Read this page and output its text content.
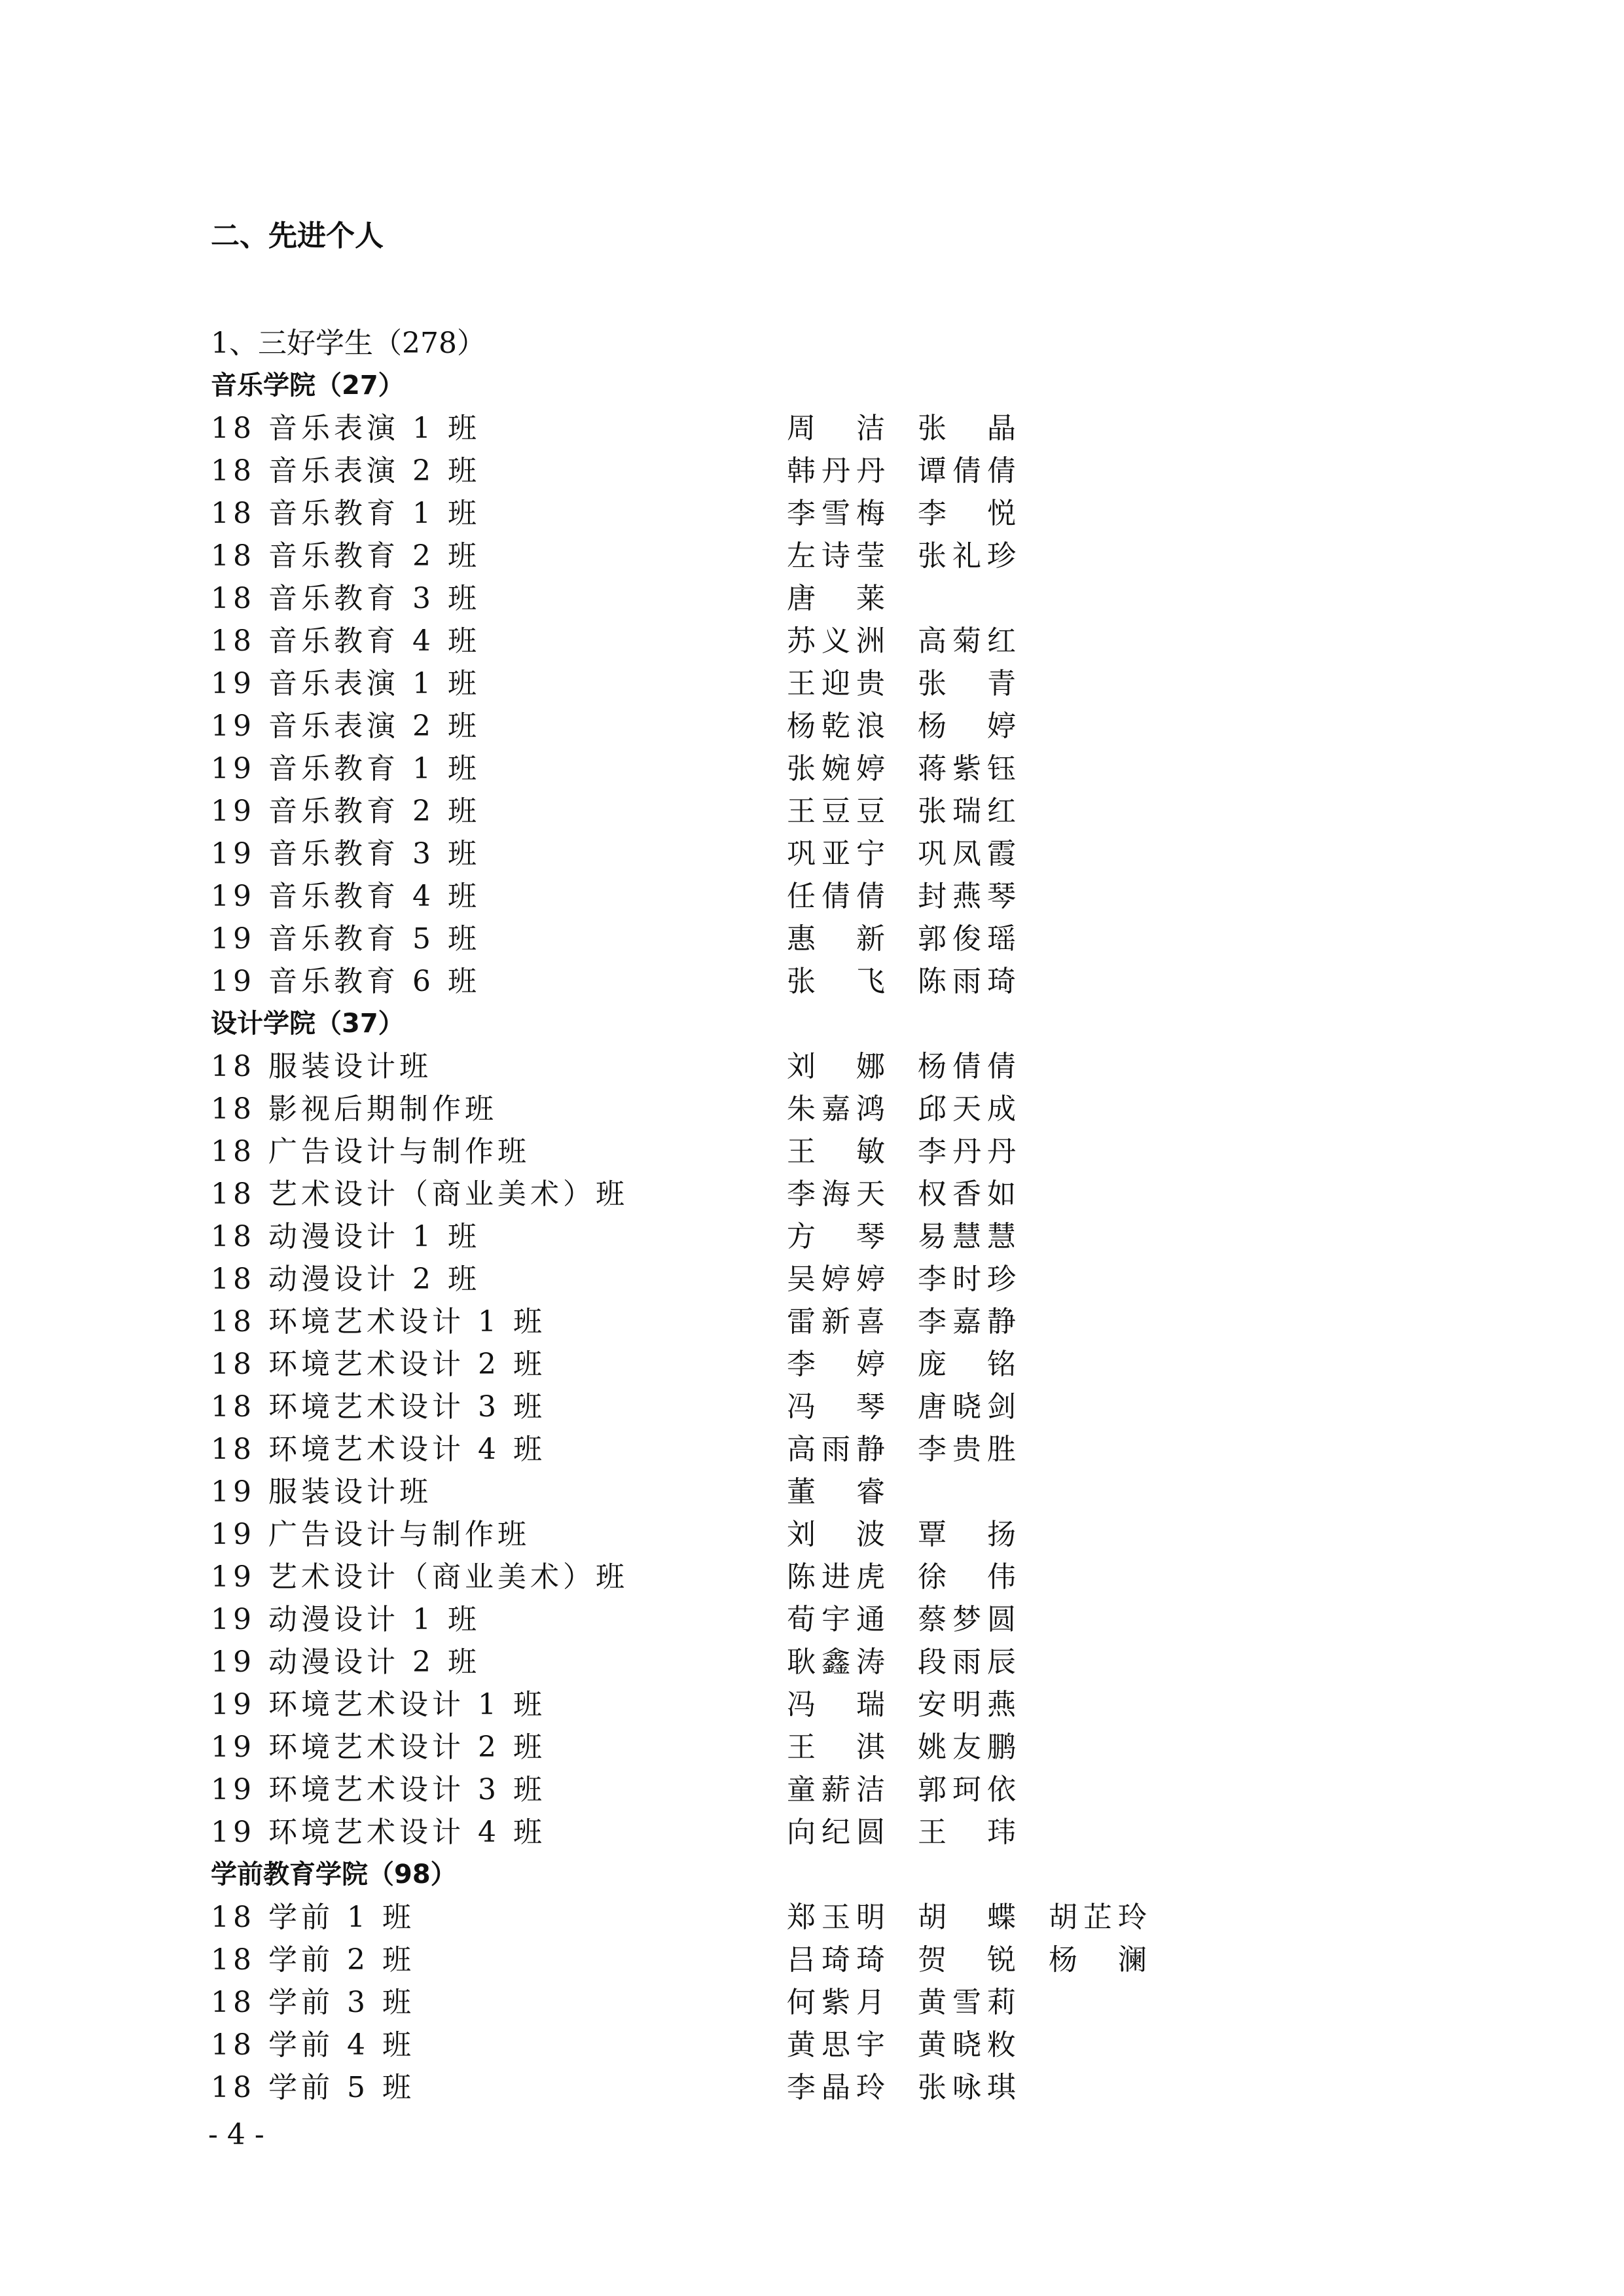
二、先进个人
1、三好学生（278）
音乐学院（27）
18 音乐表演 1 班	周 洁 张 晶
18 音乐表演 2 班	韩丹丹 谭倩倩
18 音乐教育 1 班	李雪梅 李 悦
18 音乐教育 2 班	左诗莹 张礼珍
18 音乐教育 3 班	唐 莱
18 音乐教育 4 班	苏义洲 高菊红
19 音乐表演 1 班	王迎贵 张 青
19 音乐表演 2 班	杨乾浪 杨 婷
19 音乐教育 1 班	张婉婷 蒋紫钰
19 音乐教育 2 班	王豆豆 张瑞红
19 音乐教育 3 班	巩亚宁 巩凤霞
19 音乐教育 4 班	任倩倩 封燕琴
19 音乐教育 5 班	惠 新 郭俊瑶
19 音乐教育 6 班	张 飞 陈雨琦
设计学院（37）
18 服装设计班	刘 娜 杨倩倩
18 影视后期制作班	朱嘉鸿 邱天成
18 广告设计与制作班	王 敏 李丹丹
18 艺术设计（商业美术）班	李海天 权香如
18 动漫设计 1 班	方 琴 易慧慧
18 动漫设计 2 班	吴婷婷 李时珍
18 环境艺术设计 1 班	雷新喜 李嘉静
18 环境艺术设计 2 班	李 婷 庞 铭
18 环境艺术设计 3 班	冯 琴 唐晓剑
18 环境艺术设计 4 班	高雨静 李贵胜
19 服装设计班	董 睿
19 广告设计与制作班	刘 波 覃 扬
19 艺术设计（商业美术）班	陈进虎 徐 伟
19 动漫设计 1 班	荀宇通 蔡梦圆
19 动漫设计 2 班	耿鑫涛 段雨辰
19 环境艺术设计 1 班	冯 瑞 安明燕
19 环境艺术设计 2 班	王 淇 姚友鹏
19 环境艺术设计 3 班	童薪洁 郭珂依
19 环境艺术设计 4 班	向纪圆 王 玮
学前教育学院（98）
18 学前 1 班	郑玉明 胡 蝶 胡芷玲
18 学前 2 班	吕琦琦 贺 锐 杨 澜
18 学前 3 班	何紫月 黄雪莉
18 学前 4 班	黄思宇 黄晓敉
18 学前 5 班	李晶玲 张咏琪
- 4 -
